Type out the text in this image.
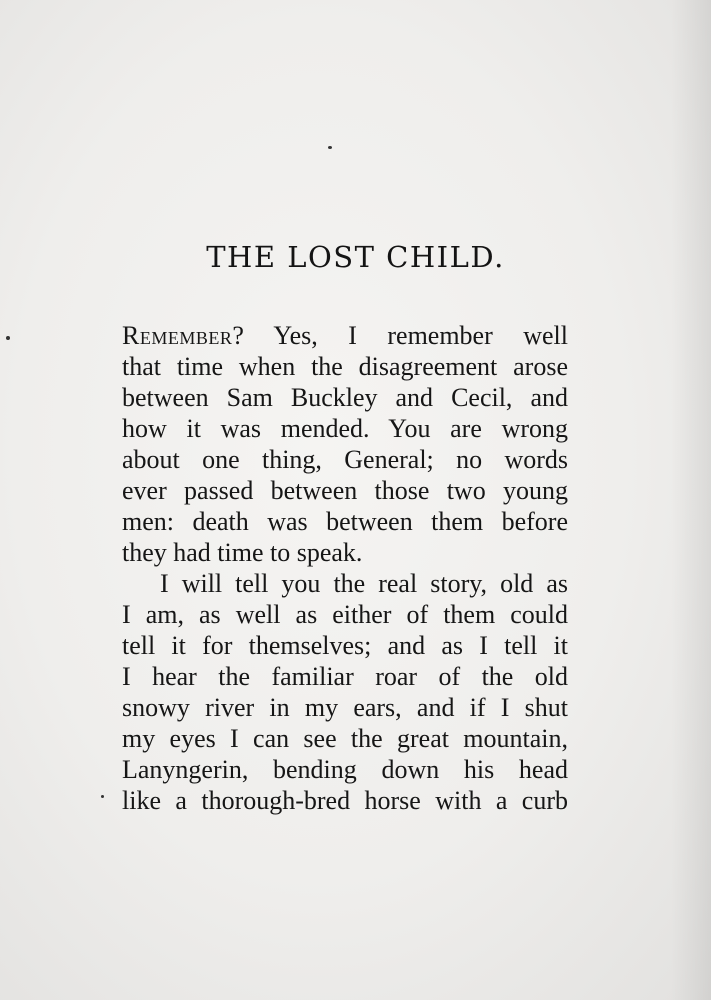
THE LOST CHILD.
Remember? Yes, I remember well
that time when the disagreement arose
between Sam Buckley and Cecil, and
how it was mended. You are wrong
about one thing, General; no words
ever passed between those two young
men: death was between them before
they had time to speak.
I will tell you the real story, old as
I am, as well as either of them could
tell it for themselves; and as I tell it
I hear the familiar roar of the old
snowy river in my ears, and if I shut
my eyes I can see the great mountain,
Lanyngerin, bending down his head
like a thorough-bred horse with a curb
